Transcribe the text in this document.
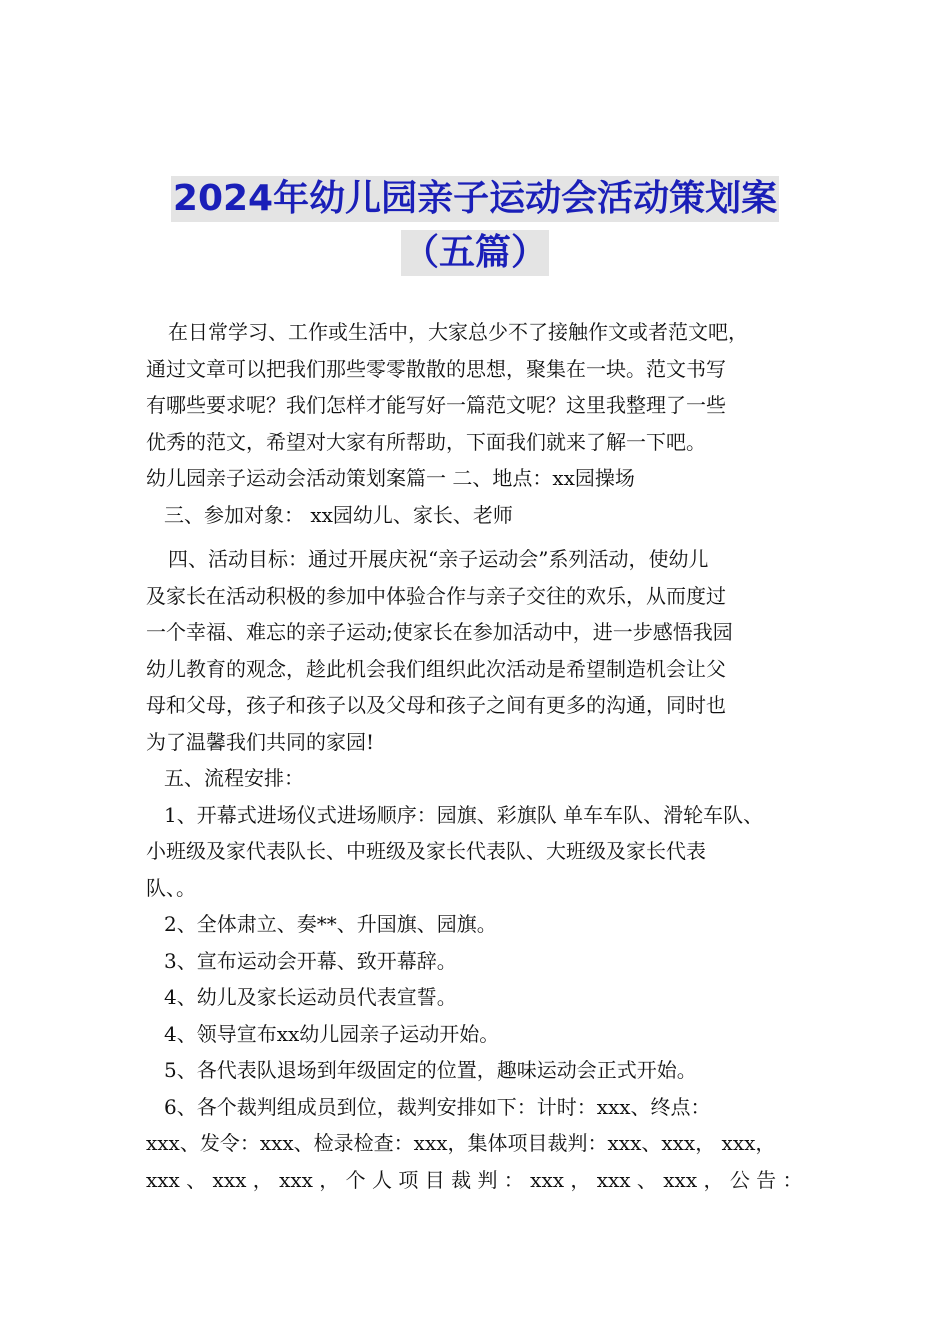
2024年幼儿园亲子运动会活动策划案
（五篇）

在日常学习、工作或生活中，大家总少不了接触作文或者范文吧，

通过文章可以把我们那些零零散散的思想，聚集在一块。范文书写

有哪些要求呢？我们怎样才能写好一篇范文呢？这里我整理了一些

优秀的范文，希望对大家有所帮助，下面我们就来了解一下吧。

幼儿园亲子运动会活动策划案篇一 二、地点：xx园操场

三、参加对象： xx园幼儿、家长、老师

四、活动目标：通过开展庆祝“亲子运动会”系列活动，使幼儿

及家长在活动积极的参加中体验合作与亲子交往的欢乐，从而度过

一个幸福、难忘的亲子运动;使家长在参加活动中，进一步感悟我园

幼儿教育的观念，趁此机会我们组织此次活动是希望制造机会让父

母和父母，孩子和孩子以及父母和孩子之间有更多的沟通，同时也

为了温馨我们共同的家园!

五、流程安排：

1、开幕式进场仪式进场顺序：园旗、彩旗队 单车车队、滑轮车队、

小班级及家代表队长、中班级及家长代表队、大班级及家长代表

队、。

2、全体肃立、奏**、升国旗、园旗。

3、宣布运动会开幕、致开幕辞。

4、幼儿及家长运动员代表宣誓。

4、领导宣布xx幼儿园亲子运动开始。

5、各代表队退场到年级固定的位置，趣味运动会正式开始。

6、各个裁判组成员到位，裁判安排如下：计时：xxx、终点：

xxx、发令：xxx、检录检查：xxx，集体项目裁判：xxx、xxx， xxx，

xxx 、 xxx ， xxx ， 个 人 项 目 裁 判 ： xxx ， xxx 、 xxx ， 公 告 ：
